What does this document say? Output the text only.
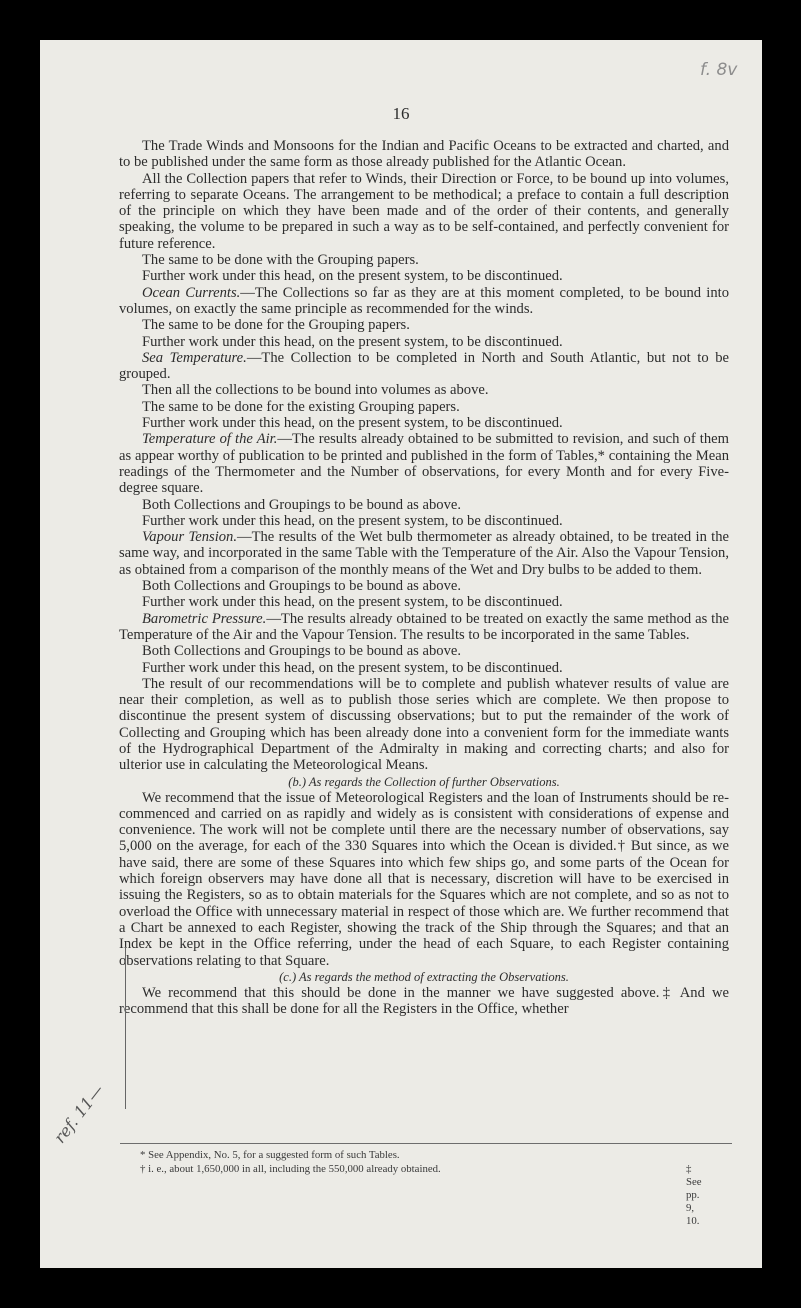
f. 8v
16

The Trade Winds and Monsoons for the Indian and Pacific Oceans to be extracted and charted, and to be published under the same form as those already published for the Atlantic Ocean.

All the Collection papers that refer to Winds, their Direction or Force, to be bound up into volumes, referring to separate Oceans. The arrangement to be methodical; a preface to contain a full description of the principle on which they have been made and of the order of their contents, and generally speaking, the volume to be prepared in such a way as to be self-contained, and perfectly convenient for future reference.

The same to be done with the Grouping papers.

Further work under this head, on the present system, to be discontinued.

Ocean Currents.—The Collections so far as they are at this moment completed, to be bound into volumes, on exactly the same principle as recommended for the winds.

The same to be done for the Grouping papers.

Further work under this head, on the present system, to be discontinued.

Sea Temperature.—The Collection to be completed in North and South Atlantic, but not to be grouped.

Then all the collections to be bound into volumes as above.

The same to be done for the existing Grouping papers.

Further work under this head, on the present system, to be discontinued.

Temperature of the Air.—The results already obtained to be submitted to revision, and such of them as appear worthy of publication to be printed and published in the form of Tables,* containing the Mean readings of the Thermometer and the Number of observations, for every Month and for every Five-degree square.

Both Collections and Groupings to be bound as above.

Further work under this head, on the present system, to be discontinued.

Vapour Tension.—The results of the Wet bulb thermometer as already obtained, to be treated in the same way, and incorporated in the same Table with the Temperature of the Air. Also the Vapour Tension, as obtained from a comparison of the monthly means of the Wet and Dry bulbs to be added to them.

Both Collections and Groupings to be bound as above.

Further work under this head, on the present system, to be discontinued.

Barometric Pressure.—The results already obtained to be treated on exactly the same method as the Temperature of the Air and the Vapour Tension. The results to be incorporated in the same Tables.

Both Collections and Groupings to be bound as above.

Further work under this head, on the present system, to be discontinued.

The result of our recommendations will be to complete and publish whatever results of value are near their completion, as well as to publish those series which are complete. We then propose to discontinue the present system of discussing observations; but to put the remainder of the work of Collecting and Grouping which has been already done into a convenient form for the immediate wants of the Hydrographical Department of the Admiralty in making and correcting charts; and also for ulterior use in calculating the Meteorological Means.

(b.) As regards the Collection of further Observations.

We recommend that the issue of Meteorological Registers and the loan of Instruments should be re-commenced and carried on as rapidly and widely as is consistent with considerations of expense and convenience. The work will not be complete until there are the necessary number of observations, say 5,000 on the average, for each of the 330 Squares into which the Ocean is divided.† But since, as we have said, there are some of these Squares into which few ships go, and some parts of the Ocean for which foreign observers may have done all that is necessary, discretion will have to be exercised in issuing the Registers, so as to obtain materials for the Squares which are not complete, and so as not to overload the Office with unnecessary material in respect of those which are. We further recommend that a Chart be annexed to each Register, showing the track of the Ship through the Squares; and that an Index be kept in the Office referring, under the head of each Square, to each Register containing observations relating to that Square.

(c.) As regards the method of extracting the Observations.

We recommend that this should be done in the manner we have suggested above.‡ And we recommend that this shall be done for all the Registers in the Office, whether

* See Appendix, No. 5, for a suggested form of such Tables.
† i. e., about 1,650,000 in all, including the 550,000 already obtained.	‡ See pp. 9, 10.
ref. 11—
